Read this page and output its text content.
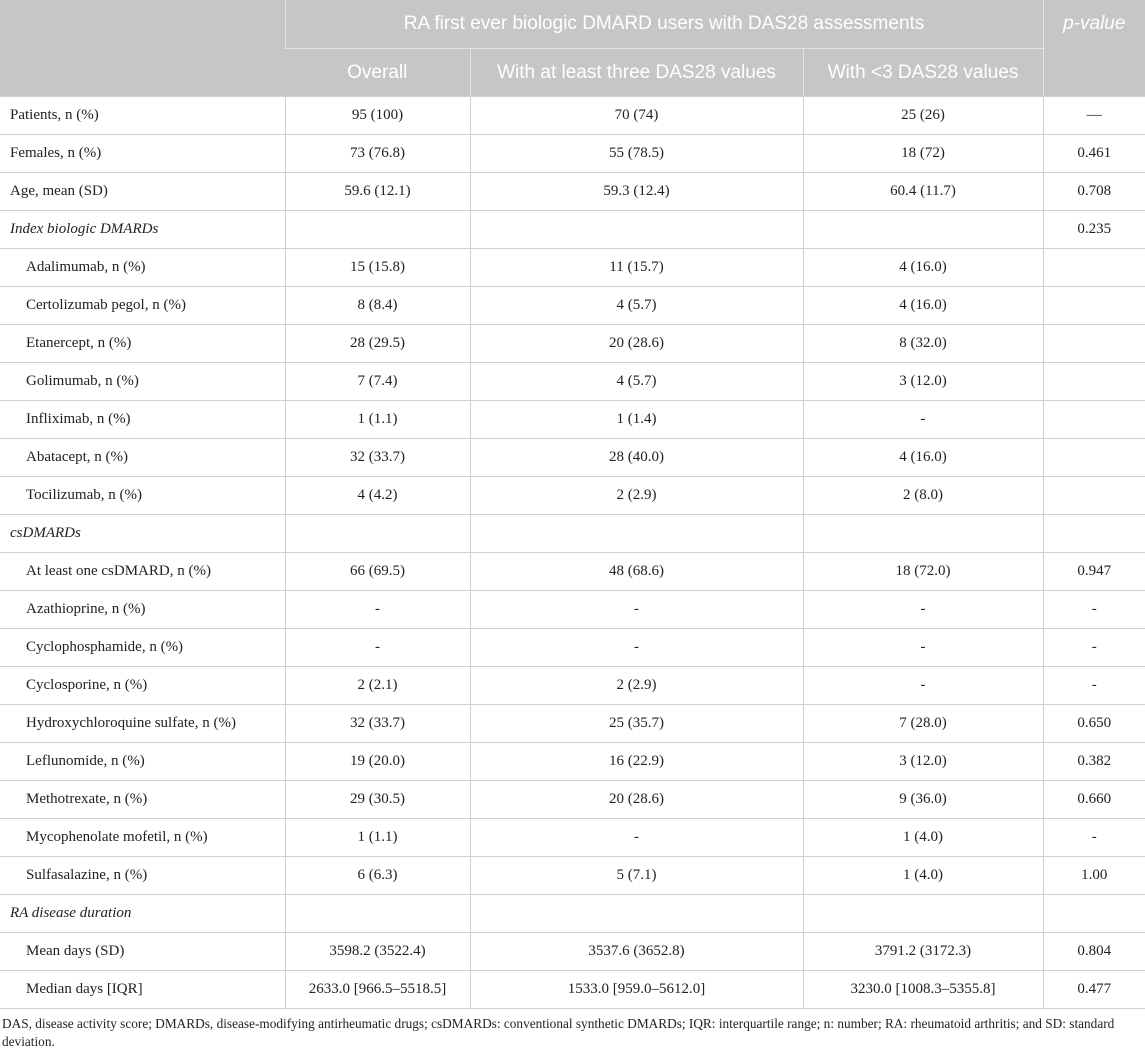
	RA first ever biologic DMARD users with DAS28 assessments			p-value
	Overall	With at least three DAS28 values	With <3 DAS28 values	
Patients, n (%)	95 (100)	70 (74)	25 (26)	—
Females, n (%)	73 (76.8)	55 (78.5)	18 (72)	0.461
Age, mean (SD)	59.6 (12.1)	59.3 (12.4)	60.4 (11.7)	0.708
Index biologic DMARDs				0.235
Adalimumab, n (%)	15 (15.8)	11 (15.7)	4 (16.0)	
Certolizumab pegol, n (%)	8 (8.4)	4 (5.7)	4 (16.0)	
Etanercept, n (%)	28 (29.5)	20 (28.6)	8 (32.0)	
Golimumab, n (%)	7 (7.4)	4 (5.7)	3 (12.0)	
Infliximab, n (%)	1 (1.1)	1 (1.4)	-	
Abatacept, n (%)	32 (33.7)	28 (40.0)	4 (16.0)	
Tocilizumab, n (%)	4 (4.2)	2 (2.9)	2 (8.0)	
csDMARDs				
At least one csDMARD, n (%)	66 (69.5)	48 (68.6)	18 (72.0)	0.947
Azathioprine, n (%)	-	-	-	-
Cyclophosphamide, n (%)	-	-	-	-
Cyclosporine, n (%)	2 (2.1)	2 (2.9)	-	-
Hydroxychloroquine sulfate, n (%)	32 (33.7)	25 (35.7)	7 (28.0)	0.650
Leflunomide, n (%)	19 (20.0)	16 (22.9)	3 (12.0)	0.382
Methotrexate, n (%)	29 (30.5)	20 (28.6)	9 (36.0)	0.660
Mycophenolate mofetil, n (%)	1 (1.1)	-	1 (4.0)	-
Sulfasalazine, n (%)	6 (6.3)	5 (7.1)	1 (4.0)	1.00
RA disease duration				
Mean days (SD)	3598.2 (3522.4)	3537.6 (3652.8)	3791.2 (3172.3)	0.804
Median days [IQR]	2633.0 [966.5–5518.5]	1533.0 [959.0–5612.0]	3230.0 [1008.3–5355.8]	0.477
DAS, disease activity score; DMARDs, disease-modifying antirheumatic drugs; csDMARDs: conventional synthetic DMARDs; IQR: interquartile range; n: number; RA: rheumatoid arthritis; and SD: standard deviation.
